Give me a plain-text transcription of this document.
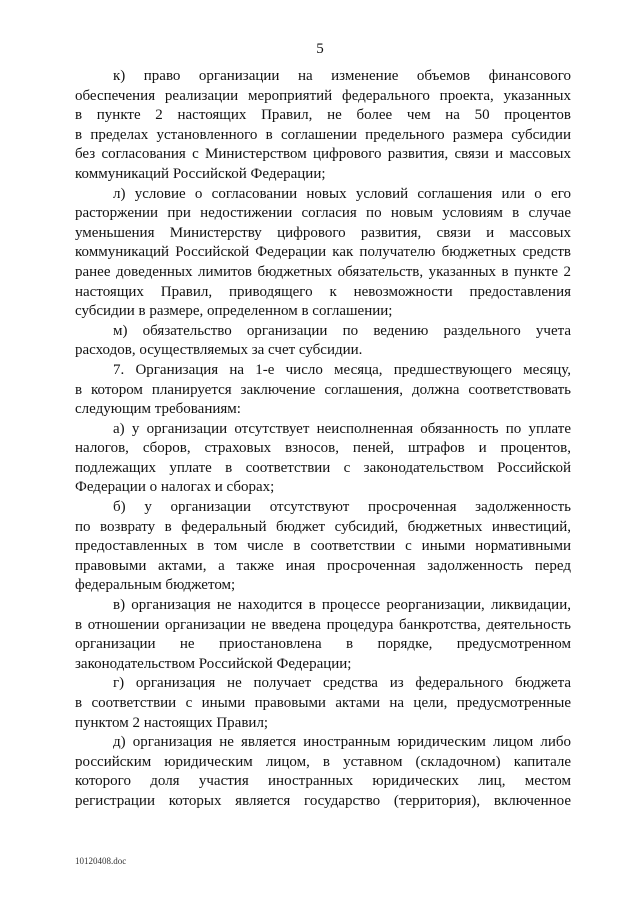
5

к) право организации на изменение объемов финансового
обеспечения реализации мероприятий федерального проекта, указанных
в пункте 2 настоящих Правил, не более чем на 50 процентов
в пределах установленного в соглашении предельного размера субсидии
без согласования с Министерством цифрового развития, связи и массовых
коммуникаций Российской Федерации;

л) условие о согласовании новых условий соглашения или о его
расторжении при недостижении согласия по новым условиям в случае
уменьшения Министерству цифрового развития, связи и массовых
коммуникаций Российской Федерации как получателю бюджетных средств
ранее доведенных лимитов бюджетных обязательств, указанных в пункте 2
настоящих Правил, приводящего к невозможности предоставления
субсидии в размере, определенном в соглашении;

м) обязательство организации по ведению раздельного учета
расходов, осуществляемых за счет субсидии.

7. Организация на 1-е число месяца, предшествующего месяцу,
в котором планируется заключение соглашения, должна соответствовать
следующим требованиям:

а) у организации отсутствует неисполненная обязанность по уплате
налогов, сборов, страховых взносов, пеней, штрафов и процентов,
подлежащих уплате в соответствии с законодательством Российской
Федерации о налогах и сборах;

б) у организации отсутствуют просроченная задолженность
по возврату в федеральный бюджет субсидий, бюджетных инвестиций,
предоставленных в том числе в соответствии с иными нормативными
правовыми актами, а также иная просроченная задолженность перед
федеральным бюджетом;

в) организация не находится в процессе реорганизации, ликвидации,
в отношении организации не введена процедура банкротства, деятельность
организации не приостановлена в порядке, предусмотренном
законодательством Российской Федерации;

г) организация не получает средства из федерального бюджета
в соответствии с иными правовыми актами на цели, предусмотренные
пунктом 2 настоящих Правил;

д) организация не является иностранным юридическим лицом либо
российским юридическим лицом, в уставном (складочном) капитале
которого доля участия иностранных юридических лиц, местом
регистрации которых является государство (территория), включенное

10120408.doc
